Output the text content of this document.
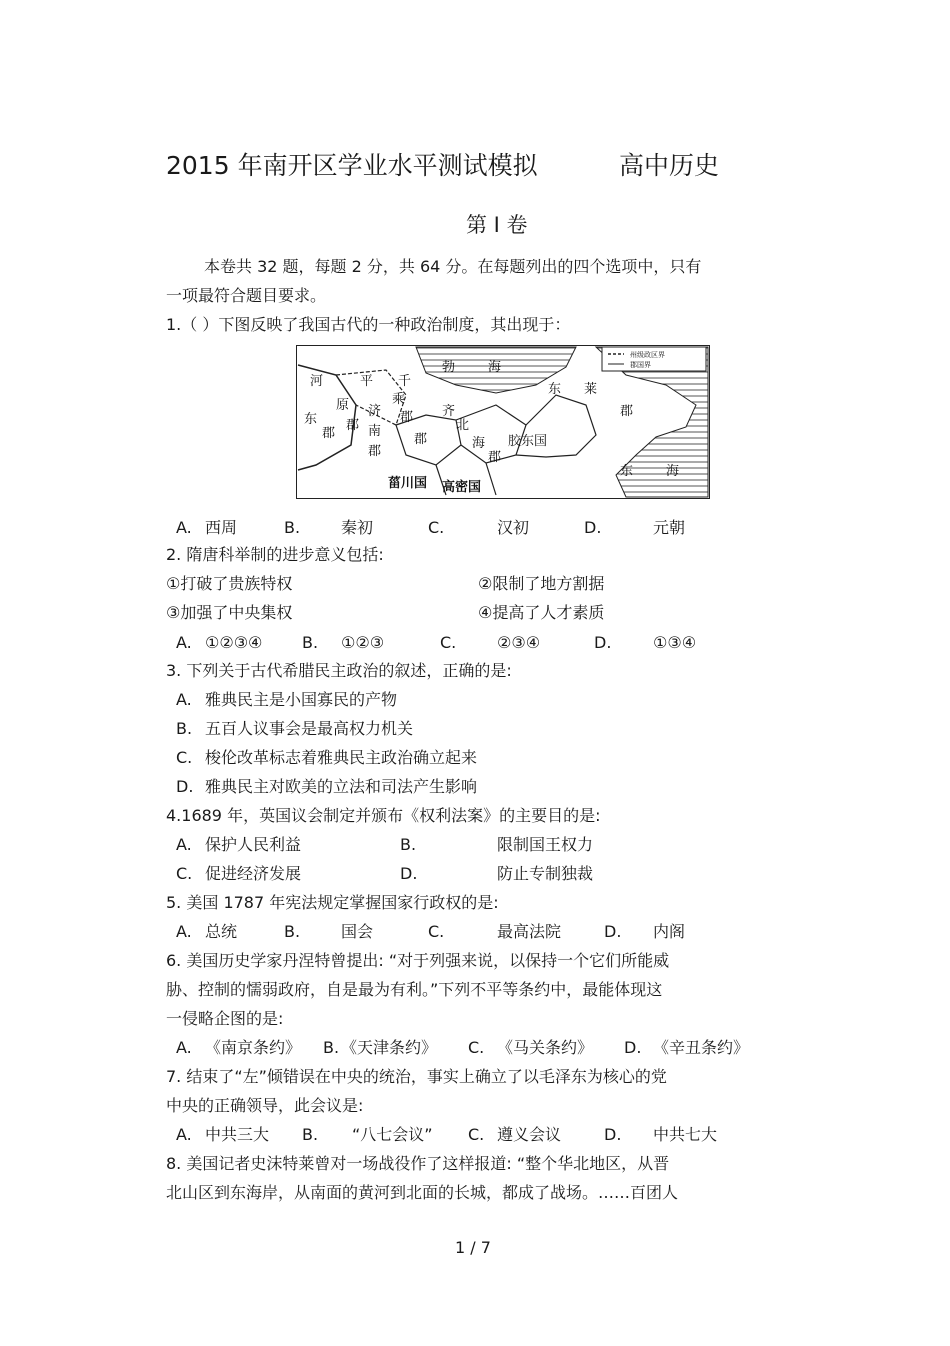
2015 年南开区学业水平测试模拟	高中历史
第 I 卷
本卷共 32 题，每题 2 分，共 64 分。在每题列出的四个选项中，只有
一项最符合题目要求。
1.（ ）下图反映了我国古代的一种政治制度，其出现于：
河
东
郡
平
原
郡
千
乘
郡
济
南
郡
齐
郡
北
海
郡
胶东国
东 莱
郡
菑川国 高密国
勃	海
东	海
州级政区界
郡国界
A. 西周	B.	秦初	C.	汉初	D.	元朝
2. 隋唐科举制的进步意义包括:
①打破了贵族特权	②限制了地方割据
③加强了中央集权	④提高了人才素质
A. ①②③④ B. ①②③	C.	②③④	D.	①③④
3. 下列关于古代希腊民主政治的叙述，正确的是:
A. 雅典民主是小国寡民的产物
B. 五百人议事会是最高权力机关
C. 梭伦改革标志着雅典民主政治确立起来
D. 雅典民主对欧美的立法和司法产生影响
4.1689 年，英国议会制定并颁布《权利法案》的主要目的是:
A. 保护人民利益	B.	限制国王权力
C. 促进经济发展	D.	防止专制独裁
5. 美国 1787 年宪法规定掌握国家行政权的是:
A. 总统	B.	国会	C.	最高法院	D. 内阁
6. 美国历史学家丹涅特曾提出: “对于列强来说，以保持一个它们所能威
胁、控制的懦弱政府，自是最为有利。”下列不平等条约中，最能体现这
一侵略企图的是:
A. 《南京条约》 B. 《天津条约》 C. 《马关条约》 D. 《辛丑条约》
7. 结束了“左”倾错误在中央的统治，事实上确立了以毛泽东为核心的党
中央的正确领导，此会议是:
A. 中共三大 B. “八七会议” C. 遵义会议	D. 中共七大
8. 美国记者史沫特莱曾对一场战役作了这样报道: “整个华北地区，从晋
北山区到东海岸，从南面的黄河到北面的长城，都成了战场。……百团人
1 / 7
